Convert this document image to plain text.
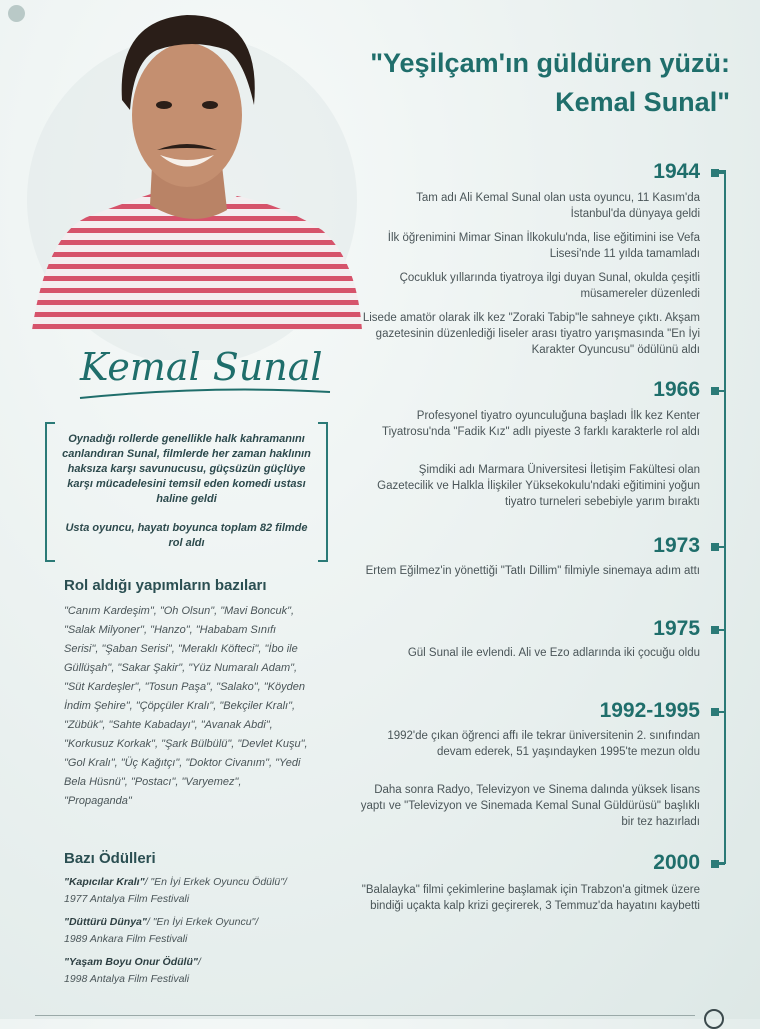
"Yeşilçam'ın güldüren yüzü:
Kemal Sunal"
Kemal Sunal

Oynadığı rollerde genellikle halk kahramanını canlandıran Sunal, filmlerde her zaman haklının haksıza karşı savunucusu, güçsüzün güçlüye karşı mücadelesini temsil eden komedi ustası haline geldi

Usta oyuncu, hayatı boyunca toplam 82 filmde rol aldı

Rol aldığı yapımların bazıları
"Canım Kardeşim", "Oh Olsun", "Mavi Boncuk", "Salak Milyoner", "Hanzo", "Hababam Sınıfı Serisi", "Şaban Serisi", "Meraklı Köfteci", "İbo ile Güllüşah", "Sakar Şakir", "Yüz Numaralı Adam", "Süt Kardeşler", "Tosun Paşa", "Salako", "Köyden İndim Şehire", "Çöpçüler Kralı", "Bekçiler Kralı", "Zübük", "Sahte Kabadayı", "Avanak Abdi", "Korkusuz Korkak", "Şark Bülbülü", "Devlet Kuşu", "Gol Kralı", "Üç Kağıtçı", "Doktor Civanım", "Yedi Bela Hüsnü", "Postacı", "Varyemez", "Propaganda"
Bazı Ödülleri
"Kapıcılar Kralı"/ "En İyi Erkek Oyuncu Ödülü"/
1977 Antalya Film Festivali
"Düttürü Dünya"/ "En İyi Erkek Oyuncu"/
1989 Ankara Film Festivali
"Yaşam Boyu Onur Ödülü"/
1998 Antalya Film Festivali
1944
Tam adı Ali Kemal Sunal olan usta oyuncu, 11 Kasım'da İstanbul'da dünyaya geldi
İlk öğrenimini Mimar Sinan İlkokulu'nda, lise eğitimini ise Vefa Lisesi'nde 11 yılda tamamladı
Çocukluk yıllarında tiyatroya ilgi duyan Sunal, okulda çeşitli müsamereler düzenledi
Lisede amatör olarak ilk kez "Zoraki Tabip"le sahneye çıktı. Akşam gazetesinin düzenlediği liseler arası tiyatro yarışmasında "En İyi Karakter Oyuncusu" ödülünü aldı
1966
Profesyonel tiyatro oyunculuğuna başladı İlk kez Kenter Tiyatrosu'nda "Fadik Kız" adlı piyeste 3 farklı karakterle rol aldı
Şimdiki adı Marmara Üniversitesi İletişim Fakültesi olan Gazetecilik ve Halkla İlişkiler Yüksekokulu'ndaki eğitimini yoğun tiyatro turneleri sebebiyle yarım bıraktı
1973
Ertem Eğilmez'in yönettiği "Tatlı Dillim" filmiyle sinemaya adım attı
1975
Gül Sunal ile evlendi. Ali ve Ezo adlarında iki çocuğu oldu
1992-1995
1992'de çıkan öğrenci affı ile tekrar üniversitenin 2. sınıfından devam ederek, 51 yaşındayken 1995'te mezun oldu
Daha sonra Radyo, Televizyon ve Sinema dalında yüksek lisans yaptı ve "Televizyon ve Sinemada Kemal Sunal Güldürüsü" başlıklı bir tez hazırladı
2000
"Balalayka" filmi çekimlerine başlamak için Trabzon'a gitmek üzere bindiği uçakta kalp krizi geçirerek, 3 Temmuz'da hayatını kaybetti
